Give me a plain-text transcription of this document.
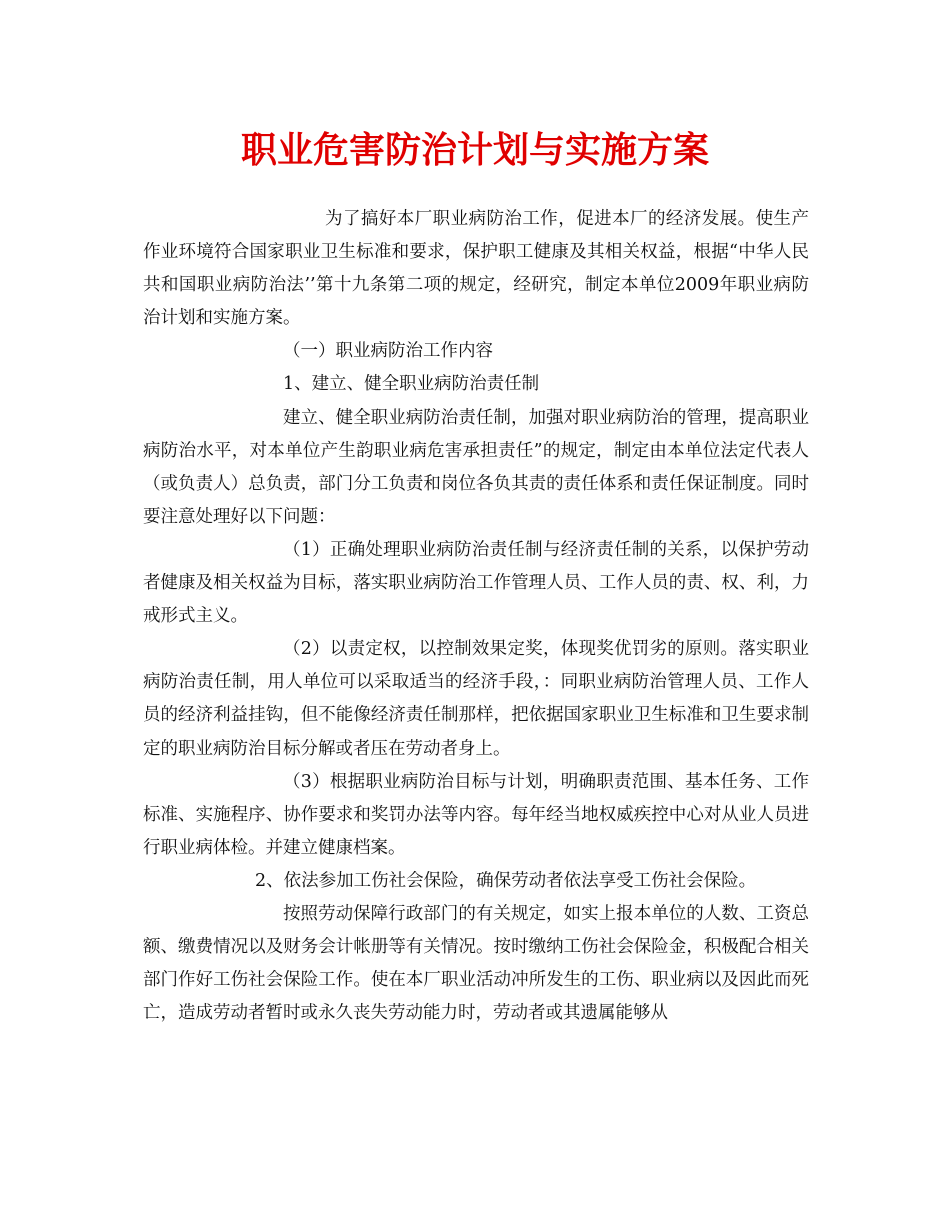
职业危害防治计划与实施方案

为了搞好本厂职业病防治工作，促进本厂的经济发展。使生产作业环境符合国家职业卫生标准和要求，保护职工健康及其相关权益，根据“中华人民共和国职业病防治法’’第十九条第二项的规定，经研究，制定本单位2009年职业病防治计划和实施方案。

（一）职业病防治工作内容

1、建立、健全职业病防治责任制

建立、健全职业病防治责任制，加强对职业病防治的管理，提高职业病防治水平，对本单位产生韵职业病危害承担责任”的规定，制定由本单位法定代表人（或负责人）总负责，部门分工负责和岗位各负其责的责任体系和责任保证制度。同时要注意处理好以下问题：

（1）正确处理职业病防治责任制与经济责任制的关系，以保护劳动者健康及相关权益为目标，落实职业病防治工作管理人员、工作人员的责、权、利，力戒形式主义。

（2）以责定权，以控制效果定奖，体现奖优罚劣的原则。落实职业病防治责任制，用人单位可以采取适当的经济手段，：同职业病防治管理人员、工作人员的经济利益挂钩，但不能像经济责任制那样，把依据国家职业卫生标准和卫生要求制定的职业病防治目标分解或者压在劳动者身上。

（3）根据职业病防治目标与计划，明确职责范围、基本任务、工作标准、实施程序、协作要求和奖罚办法等内容。每年经当地权威疾控中心对从业人员进行职业病体检。并建立健康档案。

2、依法参加工伤社会保险，确保劳动者依法享受工伤社会保险。

按照劳动保障行政部门的有关规定，如实上报本单位的人数、工资总额、缴费情况以及财务会计帐册等有关情况。按时缴纳工伤社会保险金，积极配合相关部门作好工伤社会保险工作。使在本厂职业活动冲所发生的工伤、职业病以及因此而死亡，造成劳动者暂时或永久丧失劳动能力时，劳动者或其遗属能够从
